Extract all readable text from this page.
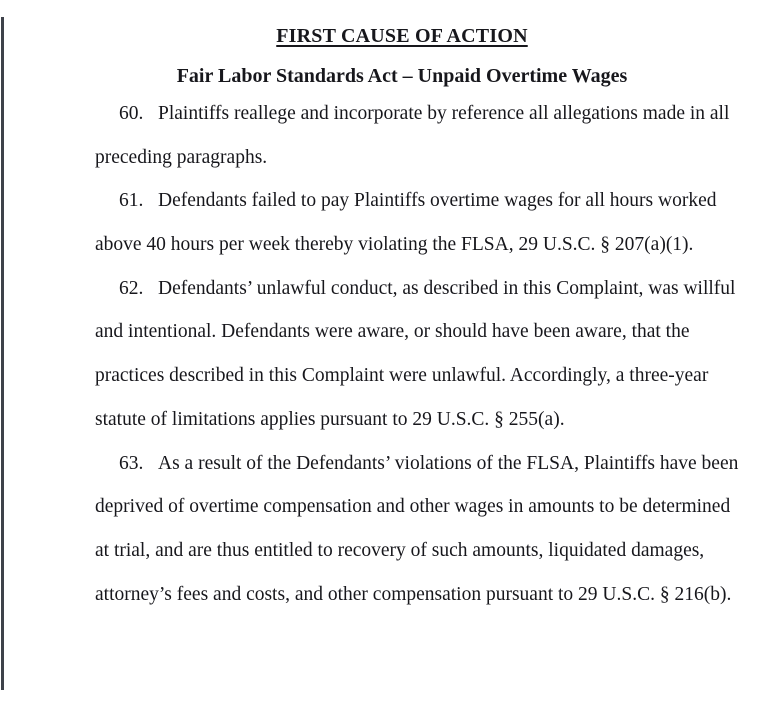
FIRST CAUSE OF ACTION
Fair Labor Standards Act – Unpaid Overtime Wages
60. Plaintiffs reallege and incorporate by reference all allegations made in all
preceding paragraphs.
61. Defendants failed to pay Plaintiffs overtime wages for all hours worked
above 40 hours per week thereby violating the FLSA, 29 U.S.C. § 207(a)(1).
62. Defendants’ unlawful conduct, as described in this Complaint, was willful
and intentional. Defendants were aware, or should have been aware, that the
practices described in this Complaint were unlawful. Accordingly, a three-year
statute of limitations applies pursuant to 29 U.S.C. § 255(a).
63. As a result of the Defendants’ violations of the FLSA, Plaintiffs have been
deprived of overtime compensation and other wages in amounts to be determined
at trial, and are thus entitled to recovery of such amounts, liquidated damages,
attorney’s fees and costs, and other compensation pursuant to 29 U.S.C. § 216(b).
